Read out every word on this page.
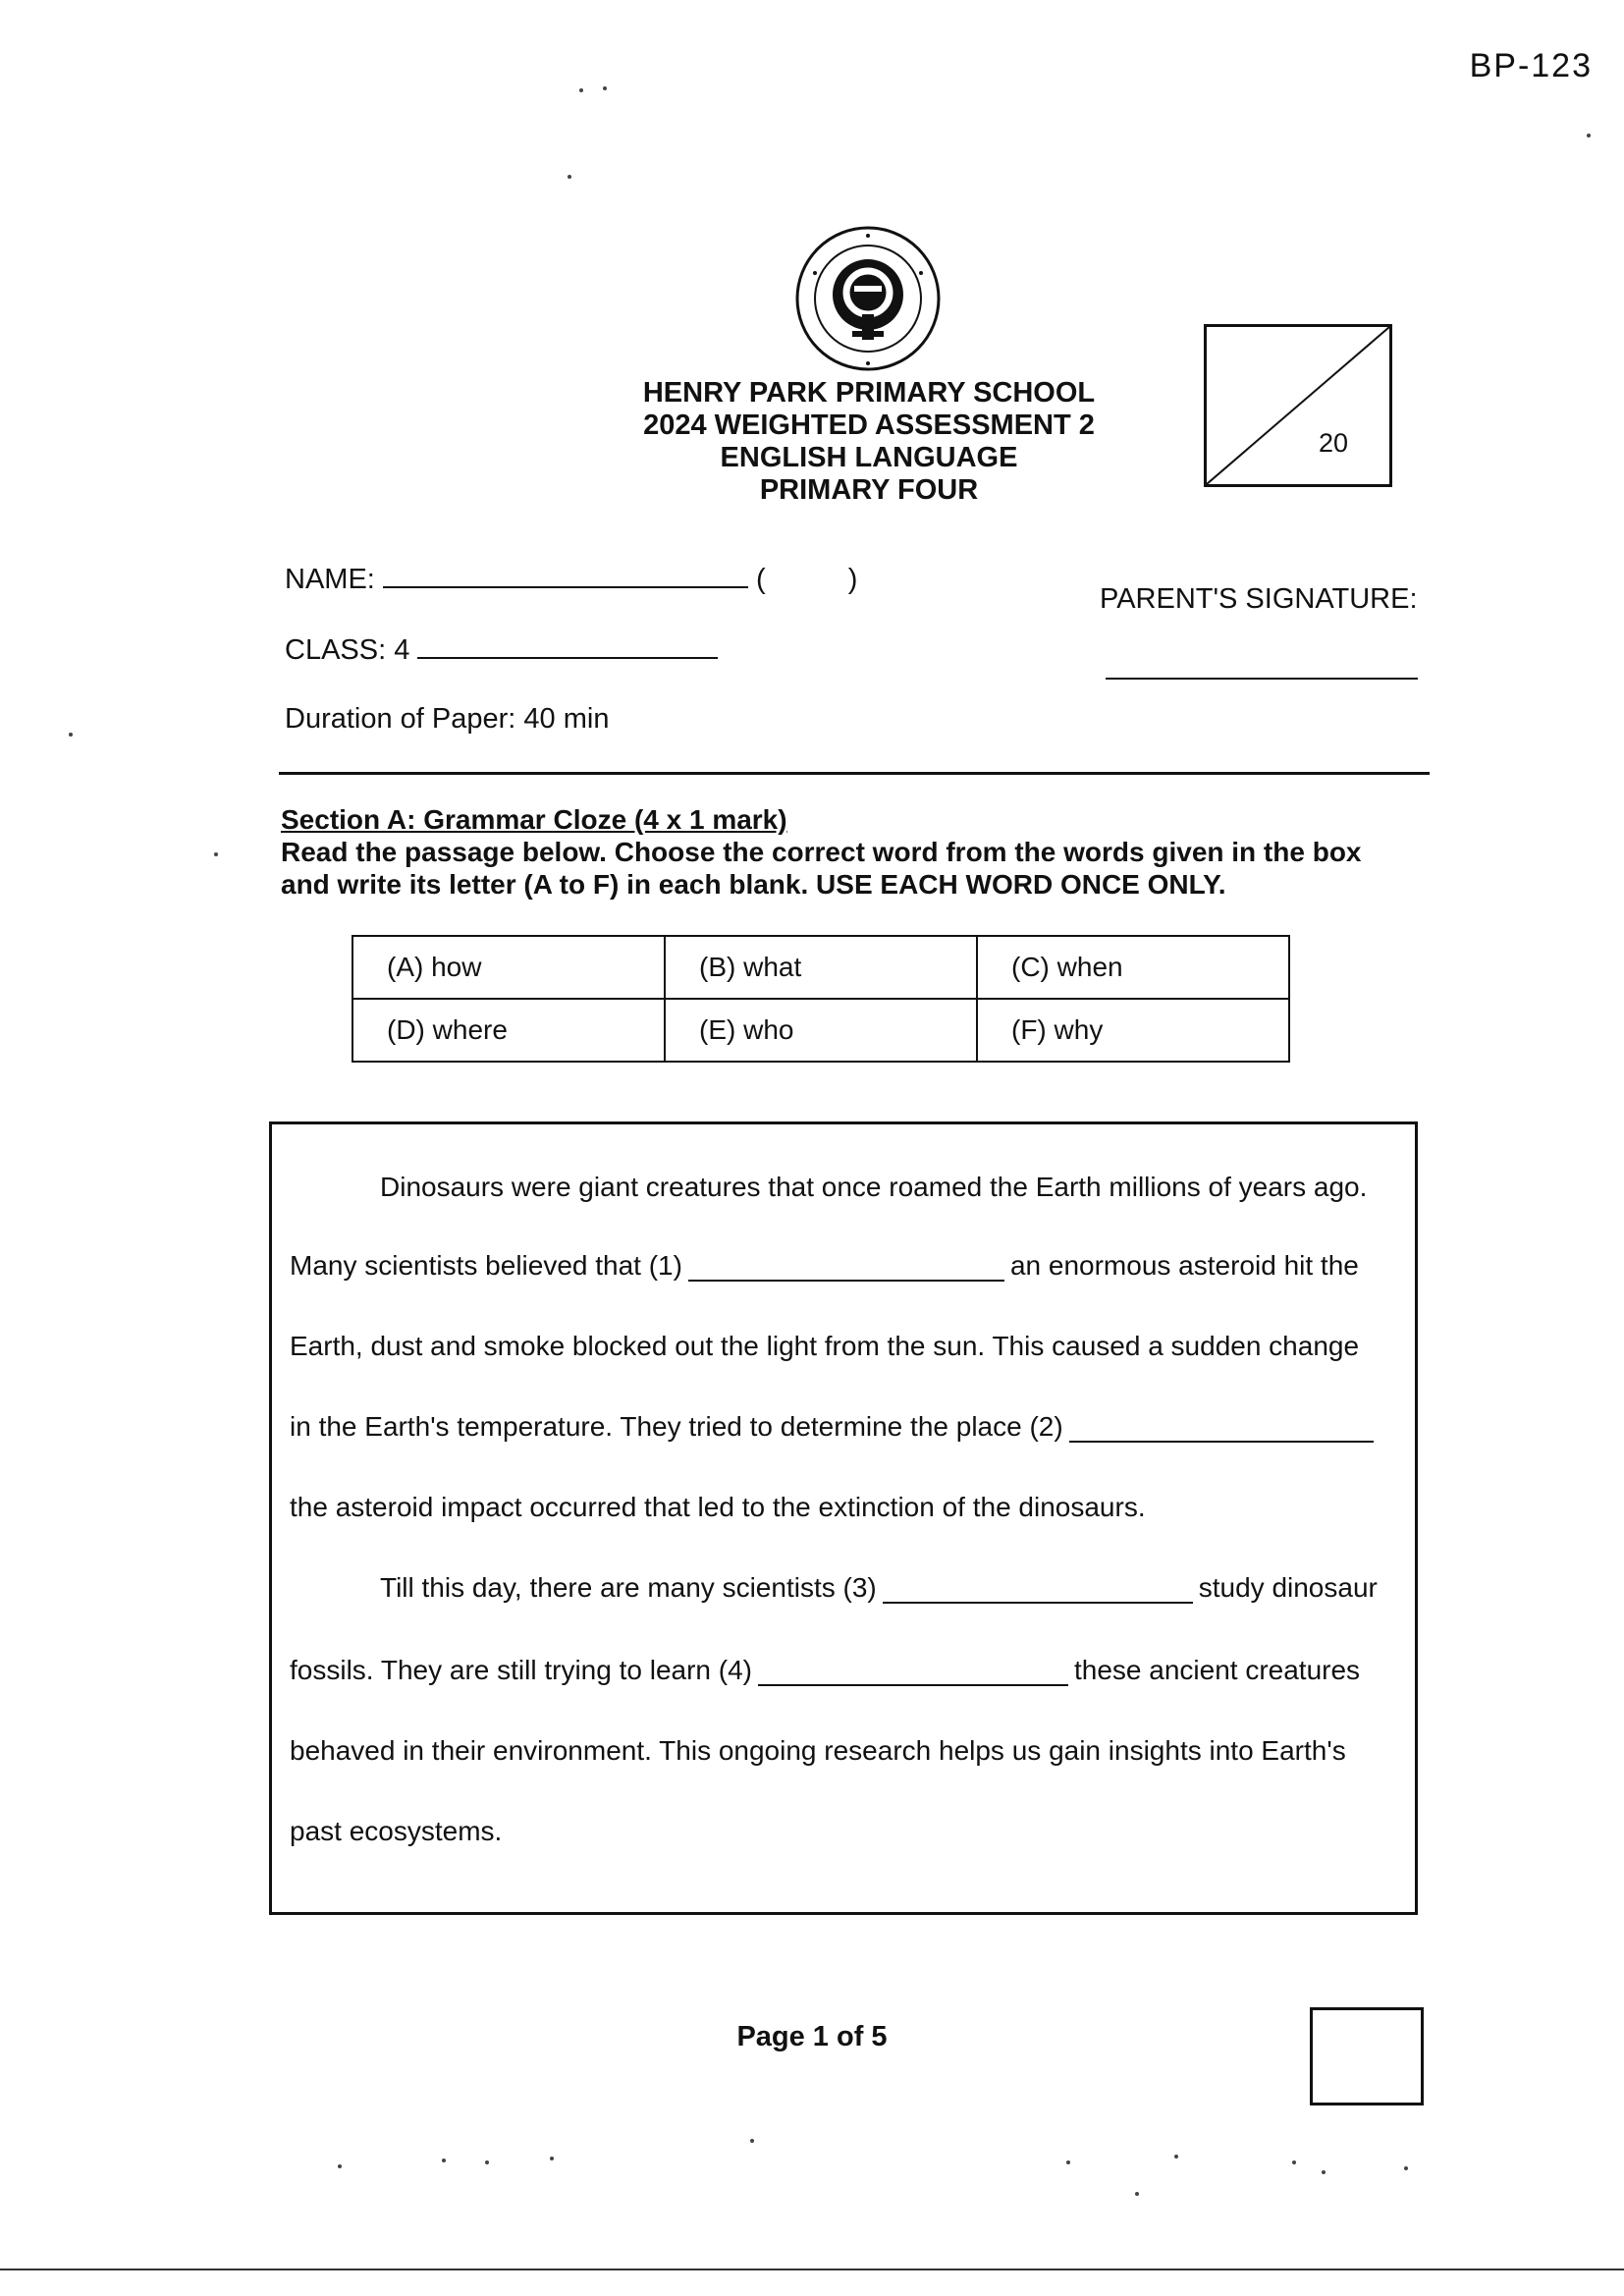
BP-123
HENRY PARK PRIMARY SCHOOL
2024 WEIGHTED ASSESSMENT 2
ENGLISH LANGUAGE
PRIMARY FOUR
20
NAME:	(	)
PARENT'S SIGNATURE:
CLASS: 4
Duration of Paper: 40 min
Section A: Grammar Cloze (4 x 1 mark)
Read the passage below. Choose the correct word from the words given in the box
and write its letter (A to F) in each blank. USE EACH WORD ONCE ONLY.
(A) how	(B) what	(C) when
(D) where	(E) who	(F) why
Dinosaurs were giant creatures that once roamed the Earth millions of years ago.
Many scientists believed that (1)	an enormous asteroid hit the
Earth, dust and smoke blocked out the light from the sun. This caused a sudden change
in the Earth's temperature. They tried to determine the place (2)
the asteroid impact occurred that led to the extinction of the dinosaurs.
Till this day, there are many scientists (3)	study dinosaur
fossils. They are still trying to learn (4)	these ancient creatures
behaved in their environment. This ongoing research helps us gain insights into Earth's
past ecosystems.
Page 1 of 5
